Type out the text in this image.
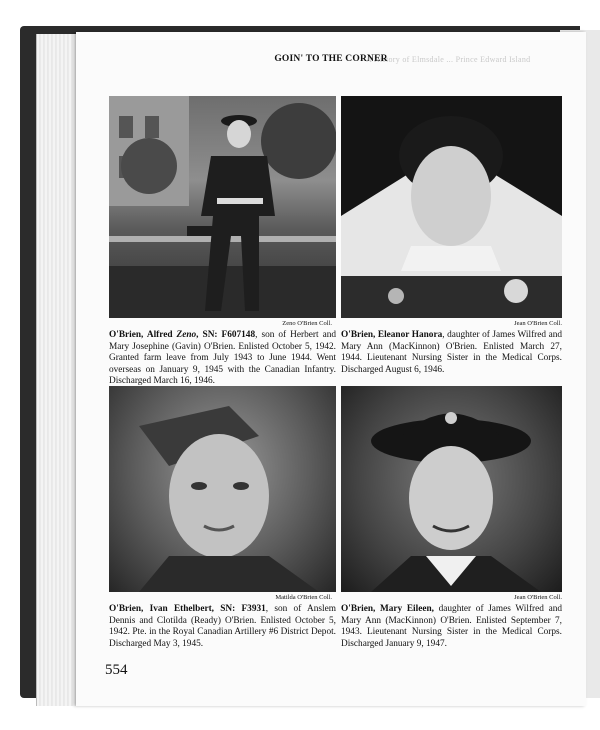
A History of Elmsdale ... Prince Edward Island
GOIN' TO THE CORNER
Zeno O'Brien Coll.
O'Brien, Alfred Zeno, SN: F607148, son of Herbert and Mary Josephine (Gavin) O'Brien. Enlisted October 5, 1942. Granted farm leave from July 1943 to June 1944. Went overseas on January 9, 1945 with the Canadian Infantry. Discharged March 16, 1946.
Jean O'Brien Coll.
O'Brien, Eleanor Hanora, daughter of James Wilfred and Mary Ann (MacKinnon) O'Brien. Enlisted March 27, 1944. Lieutenant Nursing Sister in the Medical Corps. Discharged August 6, 1946.
Matilda O'Brien Coll.
O'Brien, Ivan Ethelbert, SN: F3931, son of Anslem Dennis and Clotilda (Ready) O'Brien. Enlisted October 5, 1942. Pte. in the Royal Canadian Artillery #6 District Depot. Discharged May 3, 1945.
Jean O'Brien Coll.
O'Brien, Mary Eileen, daughter of James Wilfred and Mary Ann (MacKinnon) O'Brien. Enlisted September 7, 1943. Lieutenant Nursing Sister in the Medical Corps. Discharged January 9, 1947.
554
